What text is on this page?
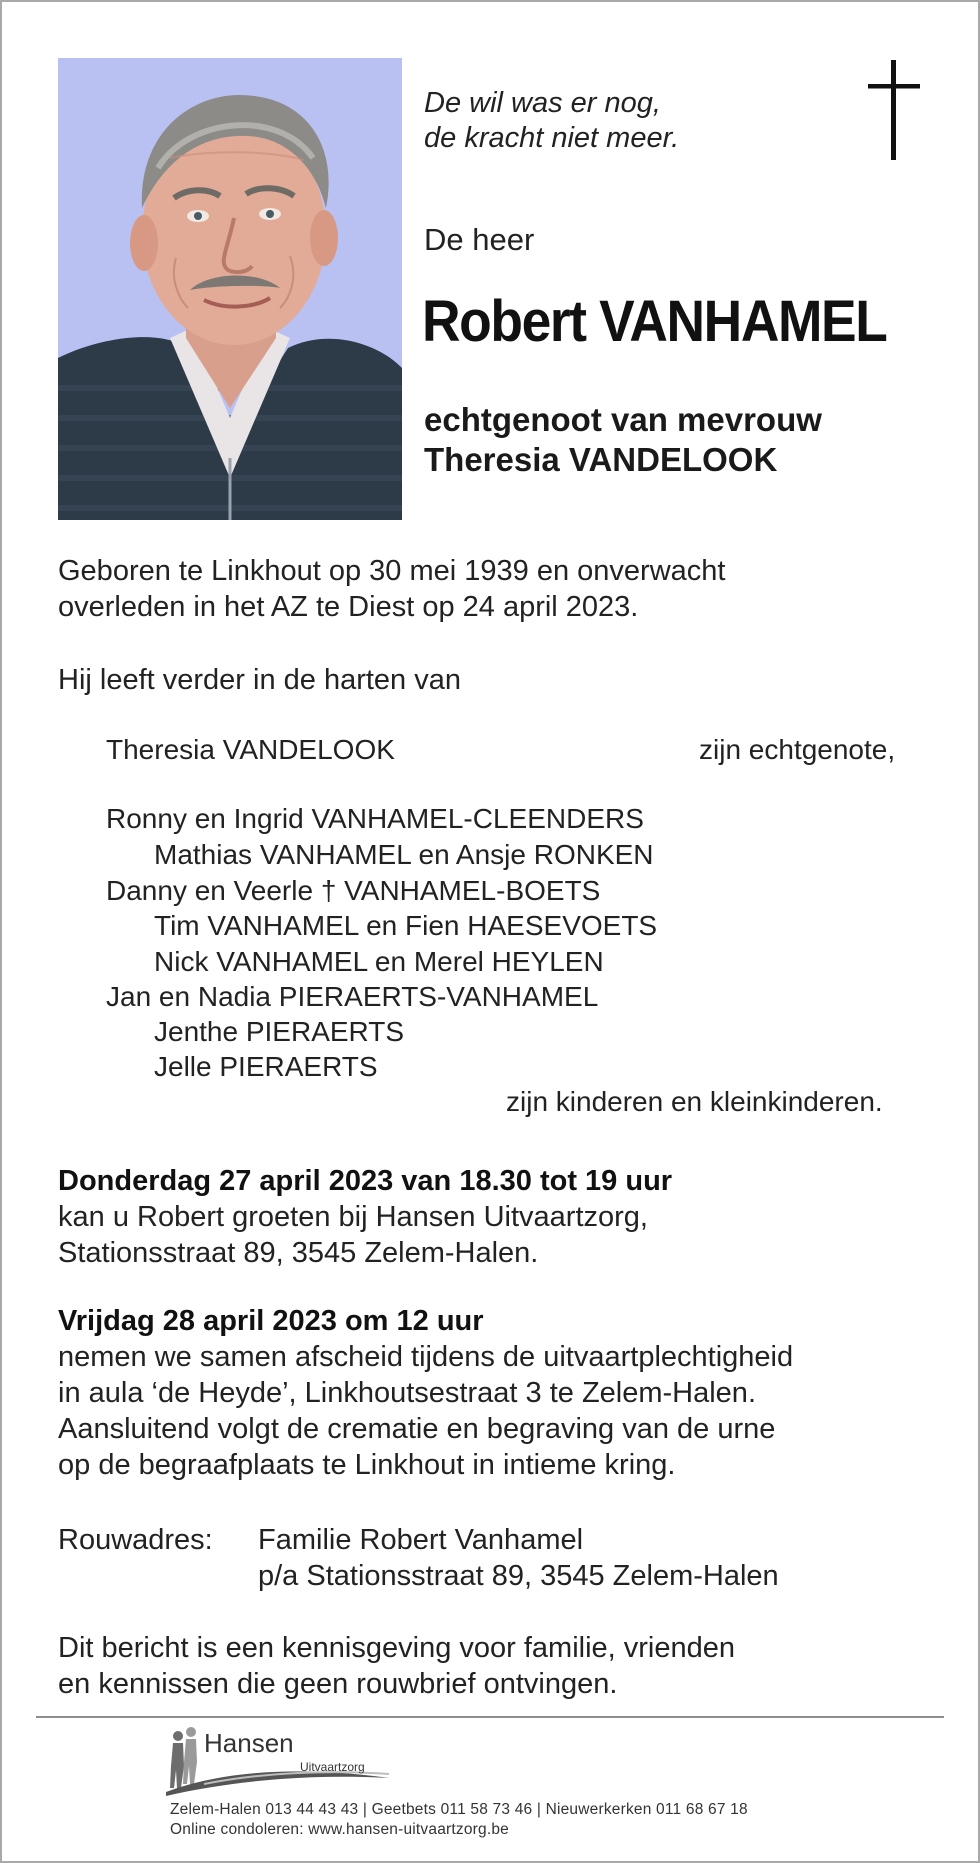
De wil was er nog,
de kracht niet meer.
De heer
Robert VANHAMEL
echtgenoot van mevrouw
Theresia VANDELOOK
Geboren te Linkhout op 30 mei 1939 en onverwacht
overleden in het AZ te Diest op 24 april 2023.
Hij leeft verder in de harten van
Theresia VANDELOOK	zijn echtgenote,
Ronny en Ingrid VANHAMEL-CLEENDERS
Mathias VANHAMEL en Ansje RONKEN
Danny en Veerle † VANHAMEL-BOETS
Tim VANHAMEL en Fien HAESEVOETS
Nick VANHAMEL en Merel HEYLEN
Jan en Nadia PIERAERTS-VANHAMEL
Jenthe PIERAERTS
Jelle PIERAERTS
zijn kinderen en kleinkinderen.
Donderdag 27 april 2023 van 18.30 tot 19 uur
kan u Robert groeten bij Hansen Uitvaartzorg,
Stationsstraat 89, 3545 Zelem-Halen.
Vrijdag 28 april 2023 om 12 uur
nemen we samen afscheid tijdens de uitvaartplechtigheid
in aula ‘de Heyde’, Linkhoutsestraat 3 te Zelem-Halen.
Aansluitend volgt de crematie en begraving van de urne
op de begraafplaats te Linkhout in intieme kring.
Rouwadres: Familie Robert Vanhamel
p/a Stationsstraat 89, 3545 Zelem-Halen
Dit bericht is een kennisgeving voor familie, vrienden
en kennissen die geen rouwbrief ontvingen.
Hansen
Uitvaartzorg
Zelem-Halen 013 44 43 43 | Geetbets 011 58 73 46 | Nieuwerkerken 011 68 67 18
Online condoleren: www.hansen-uitvaartzorg.be
